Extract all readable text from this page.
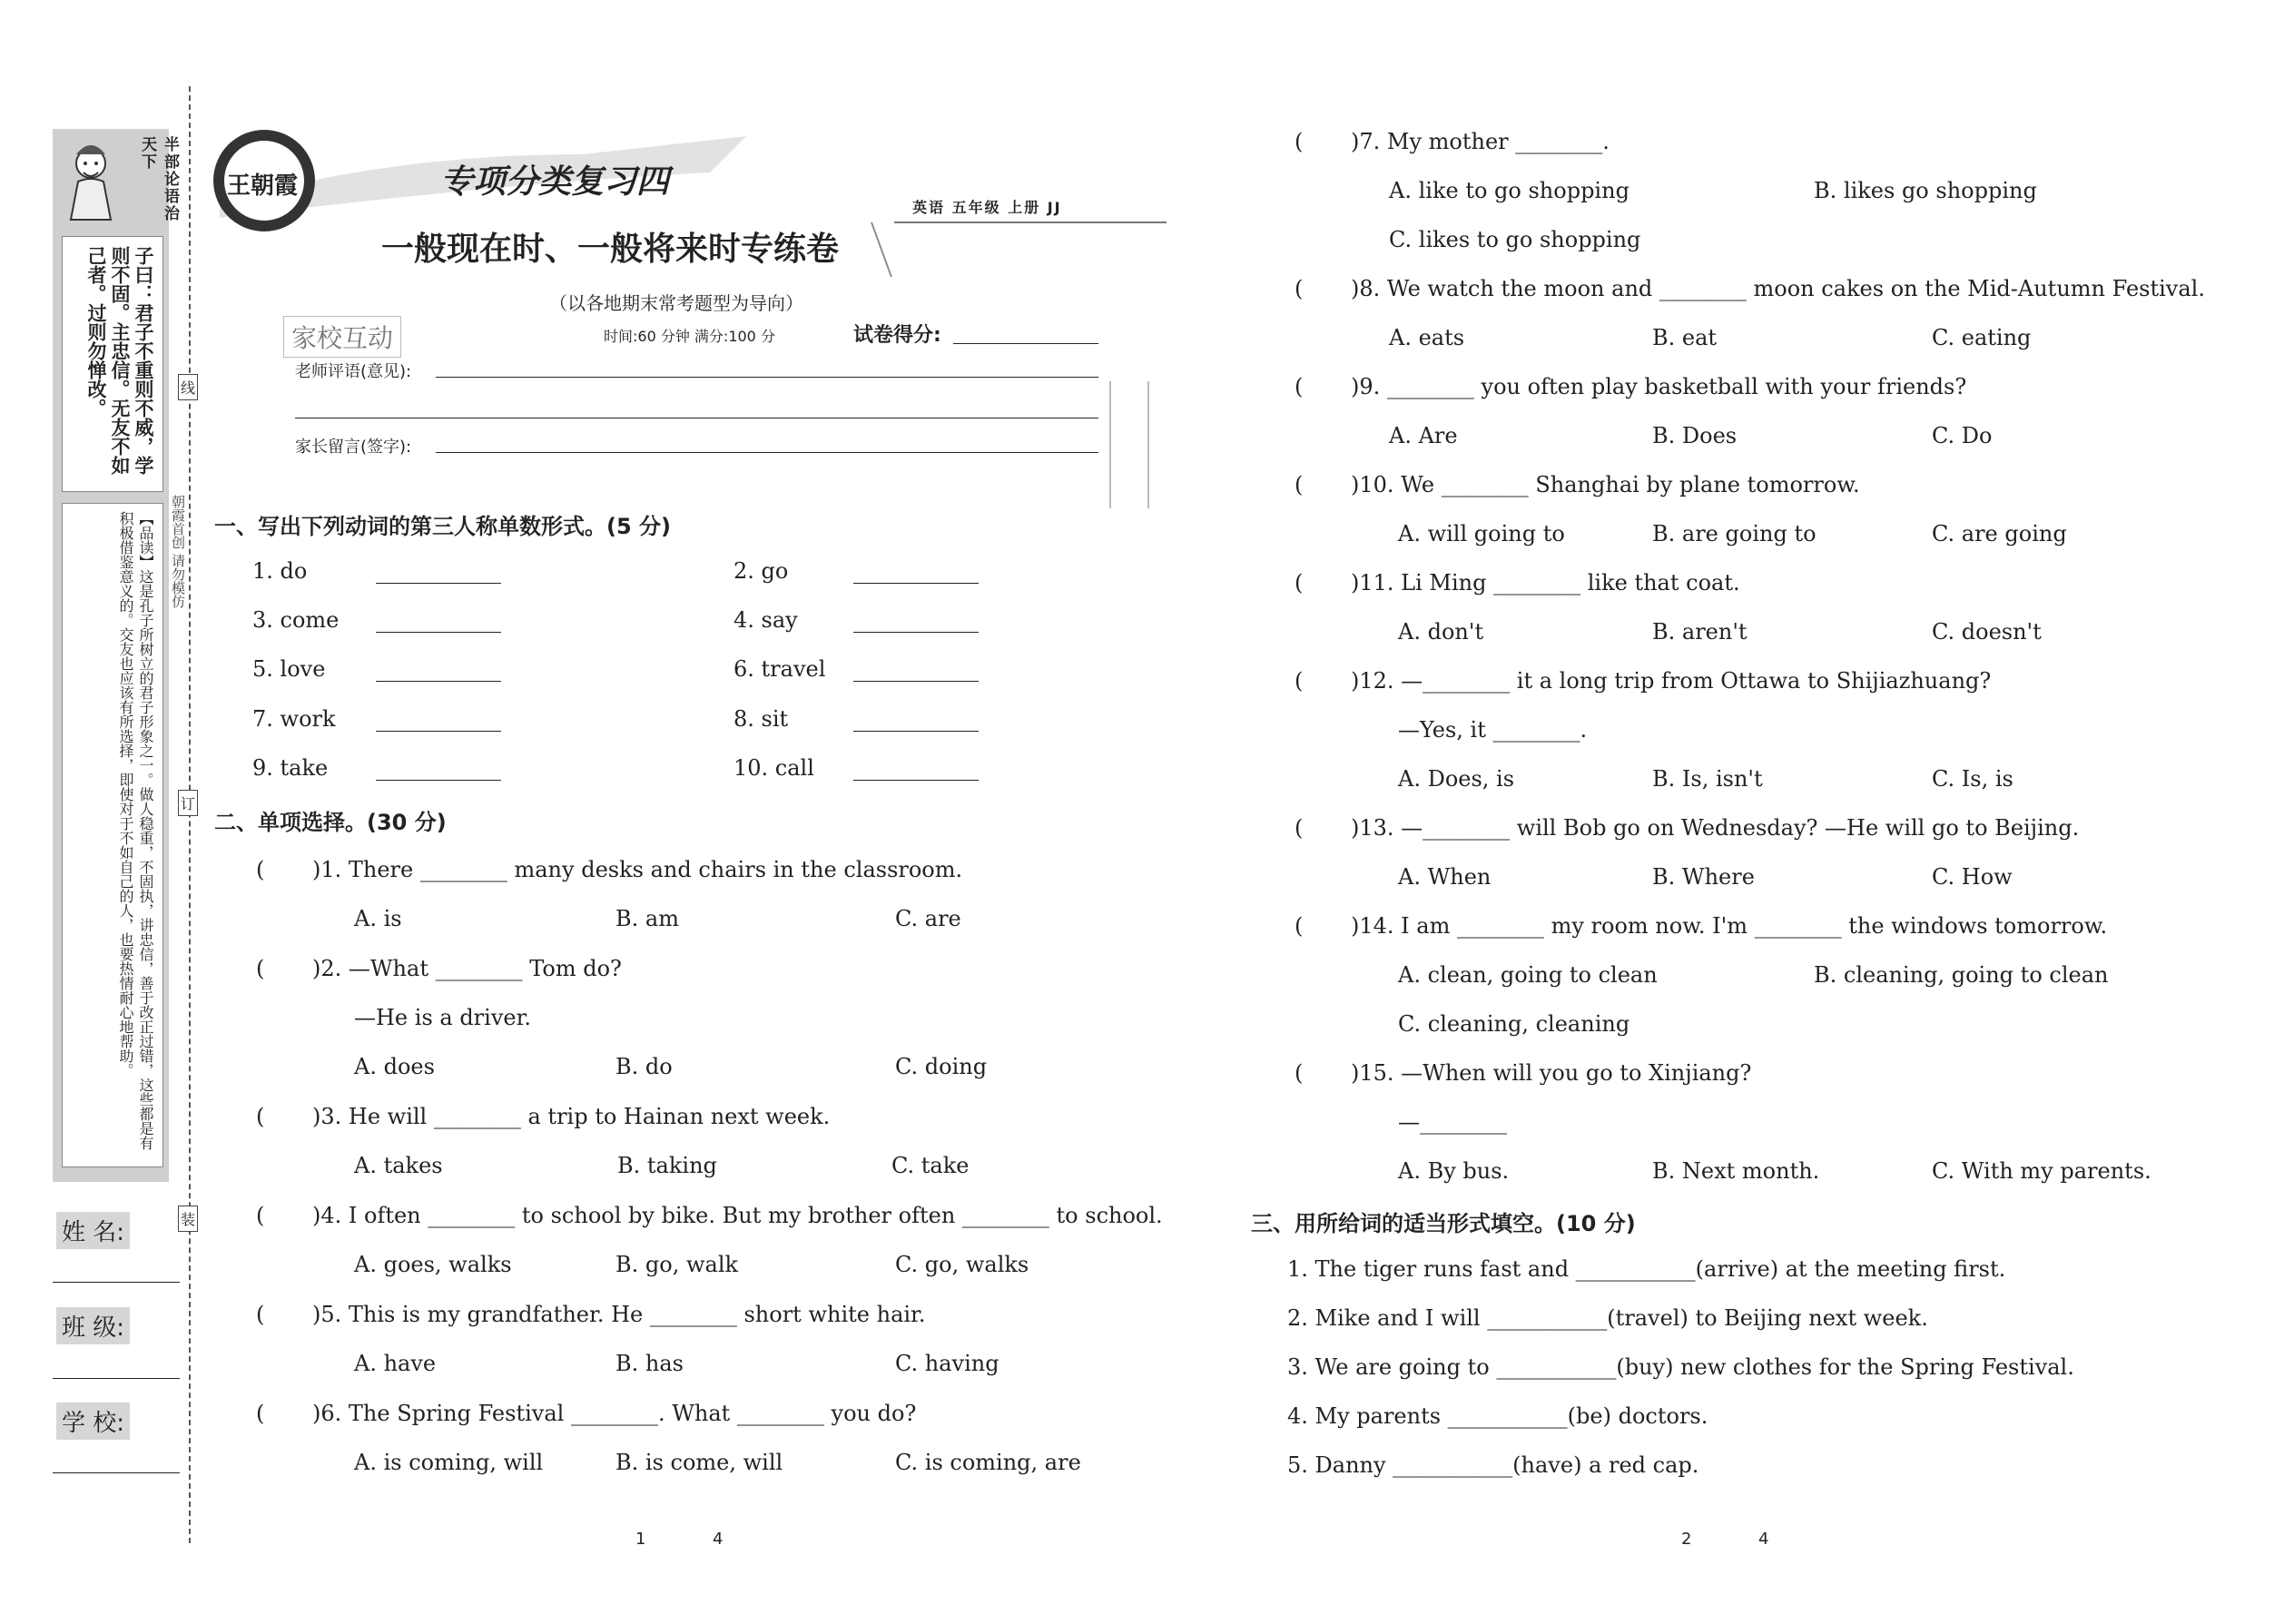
半部论语治天下
子曰：君子不重则不威，学则不固。主忠信。无友不如己者。过则勿惮改。
【品读】这是孔子所树立的君子形象之一。做人稳重，不固执，讲忠信，善于改正过错，这些都是有积极借鉴意义的。交友也应该有所选择，即使对于不如自己的人，也要热情耐心地帮助。
姓 名:
班 级:
学 校:
线
订
装
朝霞首创 请勿模仿
王朝霞	专项分类复习四
一般现在时、一般将来时专练卷
（以各地期末常考题型为导向）
英语 五年级 上册 JJ
家校互动	时间:60 分钟 满分:100 分	试卷得分:
老师评语(意见):
家长留言(签字):
一、写出下列动词的第三人称单数形式。(5 分)
1. do	2. go
3. come	4. say
5. love	6. travel
7. work	8. sit
9. take	10. call
二、单项选择。(30 分)
( )1. There ________ many desks and chairs in the classroom.
A. is	B. am	C. are
( )2. —What ________ Tom do?
—He is a driver.
A. does	B. do	C. doing
( )3. He will ________ a trip to Hainan next week.
A. takes	B. taking	C. take
( )4. I often ________ to school by bike. But my brother often ________ to school.
A. goes, walks	B. go, walk	C. go, walks
( )5. This is my grandfather. He ________ short white hair.
A. have	B. has	C. having
( )6. The Spring Festival ________. What ________ you do?
A. is coming, will	B. is come, will	C. is coming, are
1	4
( )7. My mother ________.
A. like to go shopping	B. likes go shopping
C. likes to go shopping
( )8. We watch the moon and ________ moon cakes on the Mid-Autumn Festival.
A. eats	B. eat	C. eating
( )9. ________ you often play basketball with your friends?
A. Are	B. Does	C. Do
( )10. We ________ Shanghai by plane tomorrow.
A. will going to	B. are going to	C. are going
( )11. Li Ming ________ like that coat.
A. don't	B. aren't	C. doesn't
( )12. —________ it a long trip from Ottawa to Shijiazhuang?
—Yes, it ________.
A. Does, is	B. Is, isn't	C. Is, is
( )13. —________ will Bob go on Wednesday? —He will go to Beijing.
A. When	B. Where	C. How
( )14. I am ________ my room now. I'm ________ the windows tomorrow.
A. clean, going to clean	B. cleaning, going to clean
C. cleaning, cleaning
( )15. —When will you go to Xinjiang?
—________
A. By bus.	B. Next month.	C. With my parents.
三、用所给词的适当形式填空。(10 分)
1. The tiger runs fast and ___________(arrive) at the meeting first.
2. Mike and I will ___________(travel) to Beijing next week.
3. We are going to ___________(buy) new clothes for the Spring Festival.
4. My parents ___________(be) doctors.
5. Danny ___________(have) a red cap.
2	4
